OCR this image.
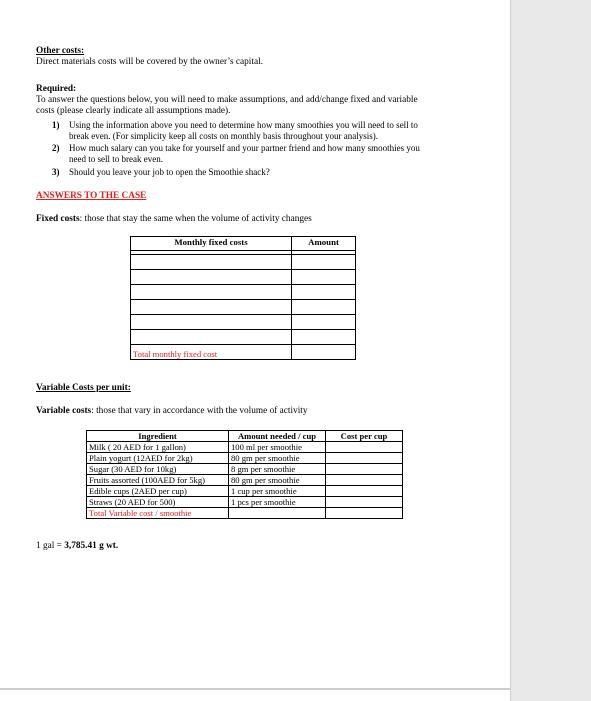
Other costs:
Direct materials costs will be covered by the owner’s capital.
Required:
To answer the questions below, you will need to make assumptions, and add/change fixed and variable
costs (please clearly indicate all assumptions made).
1) Using the information above you need to determine how many smoothies you will need to sell to
break even. (For simplicity keep all costs on monthly basis throughout your analysis).
2) How much salary can you take for yourself and your partner friend and how many smoothies you
need to sell to break even.
3) Should you leave your job to open the Smoothie shack?
ANSWERS TO THE CASE
Fixed costs: those that stay the same when the volume of activity changes
Monthly fixed costs	Amount

Total monthly fixed cost	
Variable Costs per unit:
Variable costs: those that vary in accordance with the volume of activity
Ingredient	Amount needed / cup	Cost per cup
Milk ( 20 AED for 1 gallon)	100 ml per smoothie	
Plain yogurt (12AED for 2kg)	80 gm per smoothie	
Sugar (30 AED for 10kg)	8 gm per smoothie	
Fruits assorted (100AED for 5kg)	80 gm per smoothie	
Edible cups (2AED per cup)	1 cup per smoothie	
Straws (20 AED for 500)	1 pcs per smoothie	
Total Variable cost / smoothie		
1 gal = 3,785.41 g wt.
